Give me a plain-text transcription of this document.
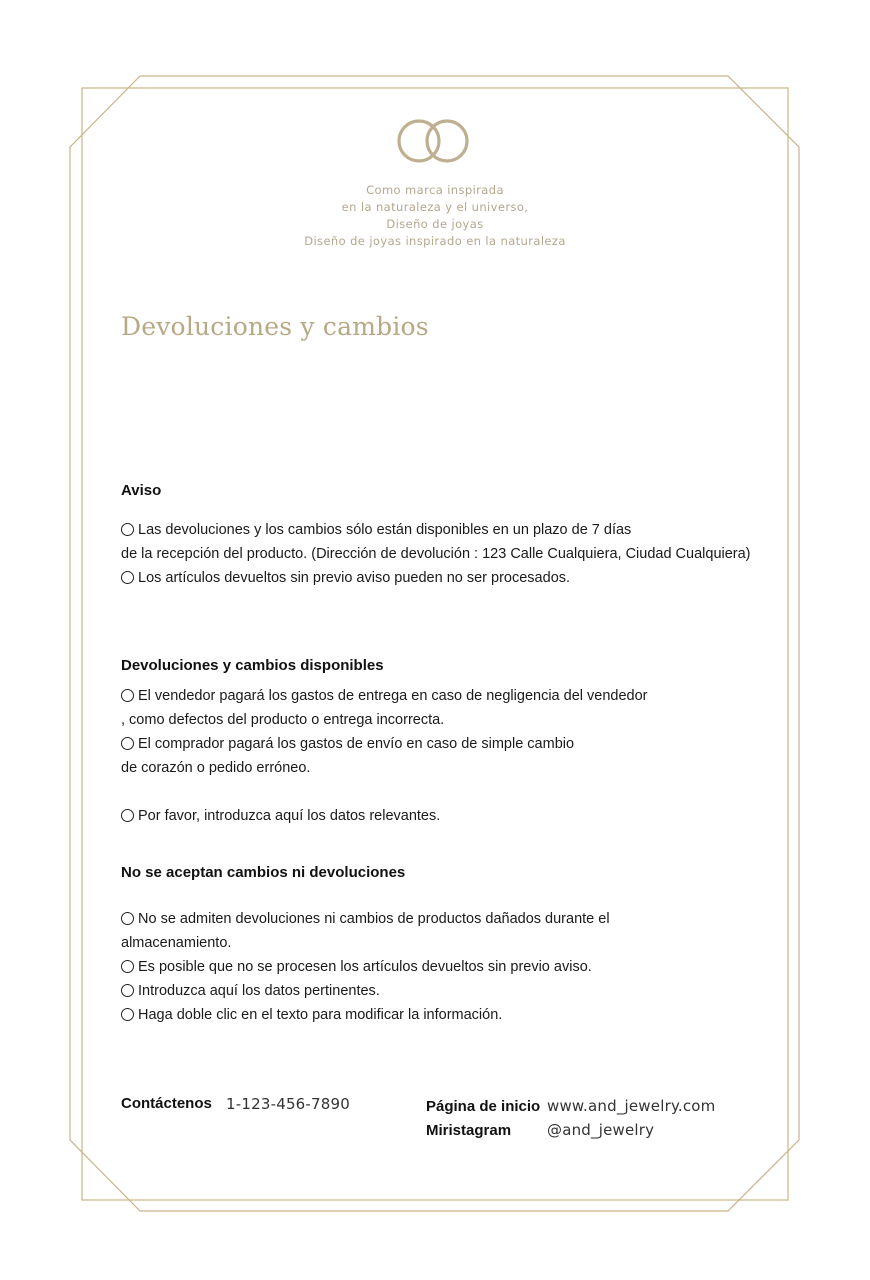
Como marca inspirada
en la naturaleza y el universo,
Diseño de joyas
Diseño de joyas inspirado en la naturaleza
Devoluciones y cambios
Aviso
Las devoluciones y los cambios sólo están disponibles en un plazo de 7 días
de la recepción del producto. (Dirección de devolución : 123 Calle Cualquiera, Ciudad Cualquiera)
Los artículos devueltos sin previo aviso pueden no ser procesados.
Devoluciones y cambios disponibles
El vendedor pagará los gastos de entrega en caso de negligencia del vendedor
, como defectos del producto o entrega incorrecta.
El comprador pagará los gastos de envío en caso de simple cambio
de corazón o pedido erróneo.
Por favor, introduzca aquí los datos relevantes.
No se aceptan cambios ni devoluciones
No se admiten devoluciones ni cambios de productos dañados durante el
almacenamiento.
Es posible que no se procesen los artículos devueltos sin previo aviso.
Introduzca aquí los datos pertinentes.
Haga doble clic en el texto para modificar la información.
Contáctenos 1-123-456-7890	Página de inicio www.and_jewelry.com
Miristagram @and_jewelry
